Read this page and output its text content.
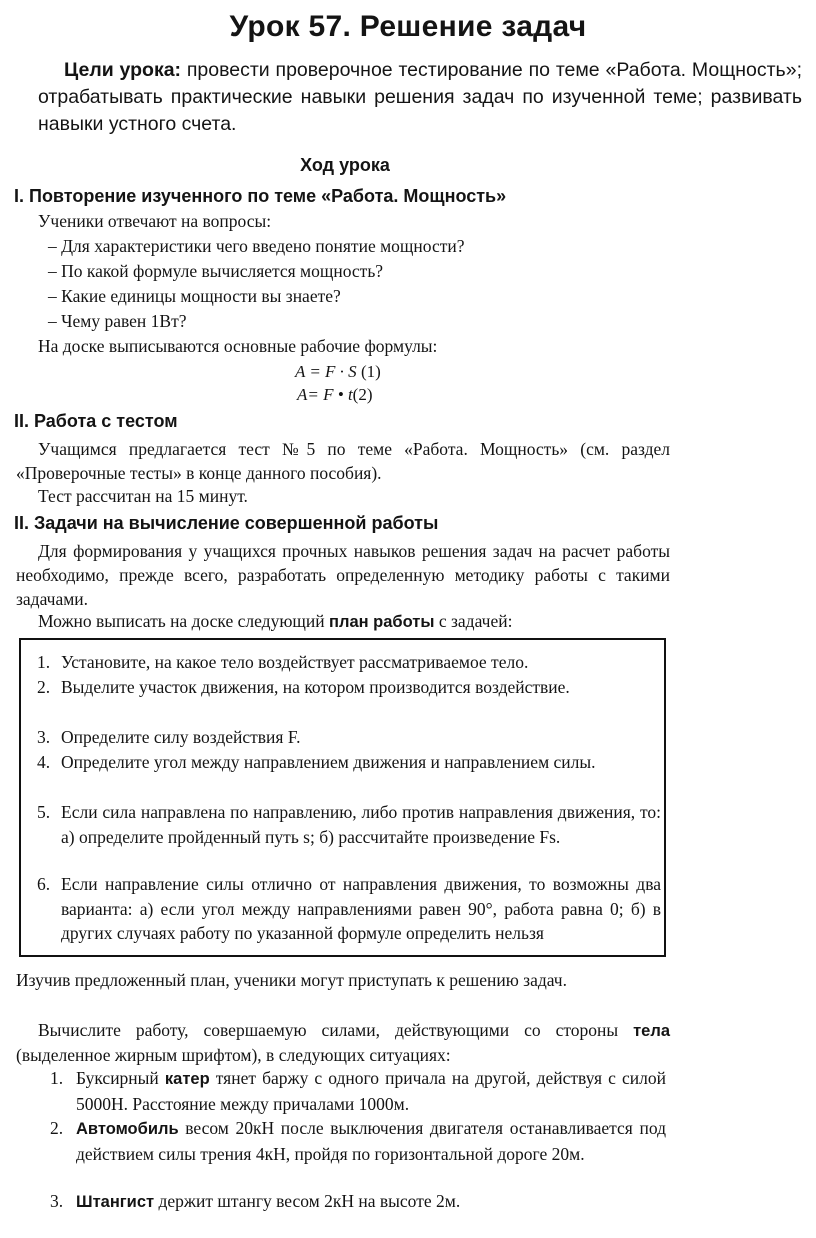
Урок 57. Решение задач
Цели урока: провести проверочное тестирование по теме «Работа. Мощность»; отрабатывать практические навыки решения задач по изученной теме; развивать навыки устного счета.
Ход урока
I. Повторение изученного по теме «Работа. Мощность»
Ученики отвечают на вопросы:
– Для характеристики чего введено понятие мощности?
– По какой формуле вычисляется мощность?
– Какие единицы мощности вы знаете?
– Чему равен 1Вт?
На доске выписываются основные рабочие формулы:
A = F · S (1)
A= F • t(2)
II. Работа с тестом
Учащимся предлагается тест №5 по теме «Работа. Мощность» (см. раздел «Проверочные тесты» в конце данного пособия).
Тест рассчитан на 15 минут.
II. Задачи на вычисление совершенной работы
Для формирования у учащихся прочных навыков решения задач на расчет работы необходимо, прежде всего, разработать определенную методику работы с такими задачами.
Можно выписать на доске следующий план работы с задачей:
1. Установите, на какое тело воздействует рассматриваемое тело.
2. Выделите участок движения, на котором производится воздействие.
3. Определите силу воздействия F.
4. Определите угол между направлением движения и направлением силы.
5. Если сила направлена по направлению, либо против направления движения, то: а) определите пройденный путь s; б) рассчитайте произведение Fs.
6. Если направление силы отлично от направления движения, то возможны два варианта: а) если угол между направлениями равен 90°, работа равна 0; б) в других случаях работу по указанной формуле определить нельзя
Изучив предложенный план, ученики могут приступать к решению задач.
Вычислите работу, совершаемую силами, действующими со стороны тела (выделенное жирным шрифтом), в следующих ситуациях:
1. Буксирный катер тянет баржу с одного причала на другой, действуя с силой 5000Н. Расстояние между причалами 1000м.
2. Автомобиль весом 20кН после выключения двигателя останавливается под действием силы трения 4кН, пройдя по горизонтальной дороге 20м.
3. Штангист держит штангу весом 2кН на высоте 2м.
